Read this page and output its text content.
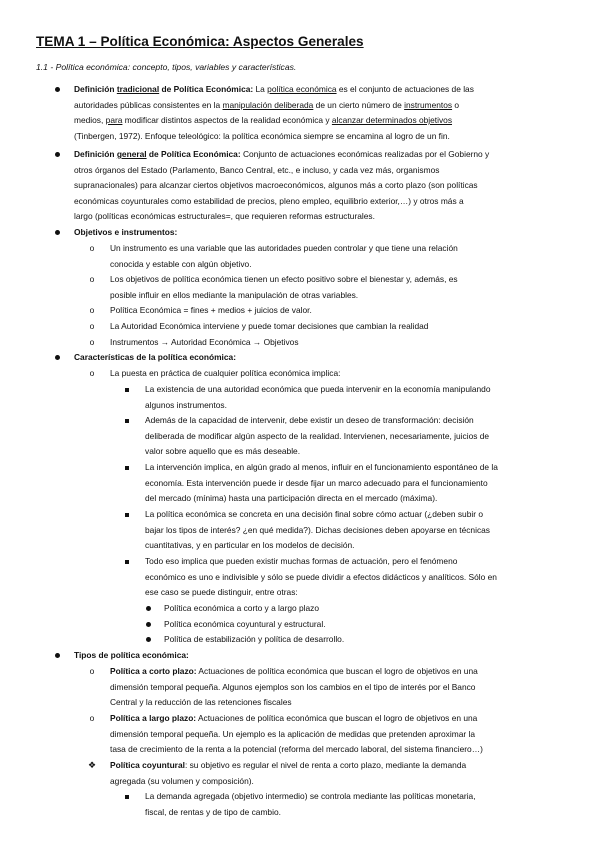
TEMA 1 – Política Económica: Aspectos Generales
1.1 - Política económica: concepto, tipos, variables y características.
Definición tradicional de Política Económica: La política económica es el conjunto de actuaciones de las
autoridades públicas consistentes en la manipulación deliberada de un cierto número de instrumentos o
medios, para modificar distintos aspectos de la realidad económica y alcanzar determinados objetivos
(Tinbergen, 1972). Enfoque teleológico: la política económica siempre se encamina al logro de un fin.
Definición general de Política Económica: Conjunto de actuaciones económicas realizadas por el Gobierno y
otros órganos del Estado (Parlamento, Banco Central, etc., e incluso, y cada vez más, organismos
supranacionales) para alcanzar ciertos objetivos macroeconómicos, algunos más a corto plazo (son políticas
económicas coyunturales como estabilidad de precios, pleno empleo, equilibrio exterior,…) y otros más a
largo (políticas económicas estructurales=, que requieren reformas estructurales.
Objetivos e instrumentos:
o	Un instrumento es una variable que las autoridades pueden controlar y que tiene una relación
conocida y estable con algún objetivo.
o	Los objetivos de política económica tienen un efecto positivo sobre el bienestar y, además, es
posible influir en ellos mediante la manipulación de otras variables.
o	Política Económica = fines + medios + juicios de valor.
o	La Autoridad Económica interviene y puede tomar decisiones que cambian la realidad
o	Instrumentos → Autoridad Económica → Objetivos
Características de la política económica:
o	La puesta en práctica de cualquier política económica implica:
La existencia de una autoridad económica que pueda intervenir en la economía manipulando
algunos instrumentos.
Además de la capacidad de intervenir, debe existir un deseo de transformación: decisión
deliberada de modificar algún aspecto de la realidad. Intervienen, necesariamente, juicios de
valor sobre aquello que es más deseable.
La intervención implica, en algún grado al menos, influir en el funcionamiento espontáneo de la
economía. Esta intervención puede ir desde fijar un marco adecuado para el funcionamiento
del mercado (mínima) hasta una participación directa en el mercado (máxima).
La política económica se concreta en una decisión final sobre cómo actuar (¿deben subir o
bajar los tipos de interés? ¿en qué medida?). Dichas decisiones deben apoyarse en técnicas
cuantitativas, y en particular en los modelos de decisión.
Todo eso implica que pueden existir muchas formas de actuación, pero el fenómeno
económico es uno e indivisible y sólo se puede dividir a efectos didácticos y analíticos. Sólo en
ese caso se puede distinguir, entre otras:
Política económica a corto y a largo plazo
Política económica coyuntural y estructural.
Política de estabilización y política de desarrollo.
Tipos de política económica:
o	Política a corto plazo: Actuaciones de política económica que buscan el logro de objetivos en una
dimensión temporal pequeña. Algunos ejemplos son los cambios en el tipo de interés por el Banco
Central y la reducción de las retenciones fiscales
o	Política a largo plazo: Actuaciones de política económica que buscan el logro de objetivos en una
dimensión temporal pequeña. Un ejemplo es la aplicación de medidas que pretenden aproximar la
tasa de crecimiento de la renta a la potencial (reforma del mercado laboral, del sistema financiero…)
❖ Política coyuntural: su objetivo es regular el nivel de renta a corto plazo, mediante la demanda
agregada (su volumen y composición).
La demanda agregada (objetivo intermedio) se controla mediante las políticas monetaria,
fiscal, de rentas y de tipo de cambio.
